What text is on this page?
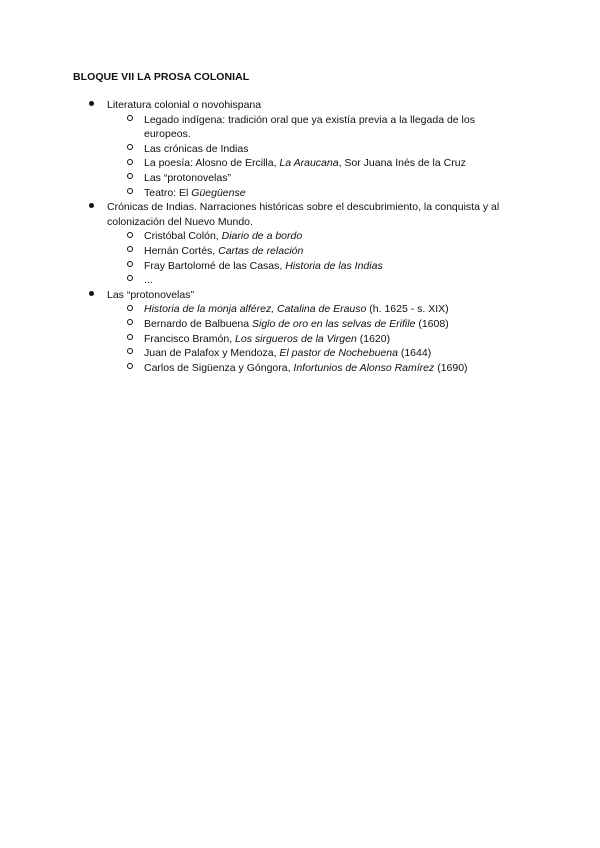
BLOQUE VII LA PROSA COLONIAL
Literatura colonial o novohispana
Legado indígena: tradición oral que ya existía previa a la llegada de los europeos.
Las crónicas de Indias
La poesía: Alosno de Ercilla, La Araucana, Sor Juana Inés de la Cruz
Las “protonovelas”
Teatro: El Güegüense
Crónicas de Indias. Narraciones históricas sobre el descubrimiento, la conquista y al colonización del Nuevo Mundo.
Cristóbal Colón, Diario de a bordo
Hernán Cortés, Cartas de relación
Fray Bartolomé de las Casas, Historia de las Indias
...
Las “protonovelas”
Historia de la monja alférez, Catalina de Erauso (h. 1625 - s. XIX)
Bernardo de Balbuena Siglo de oro en las selvas de Erifile (1608)
Francisco Bramón, Los sirgueros de la Virgen (1620)
Juan de Palafox y Mendoza, El pastor de Nochebuena (1644)
Carlos de Sigüenza y Góngora, Infortunios de Alonso Ramírez (1690)
